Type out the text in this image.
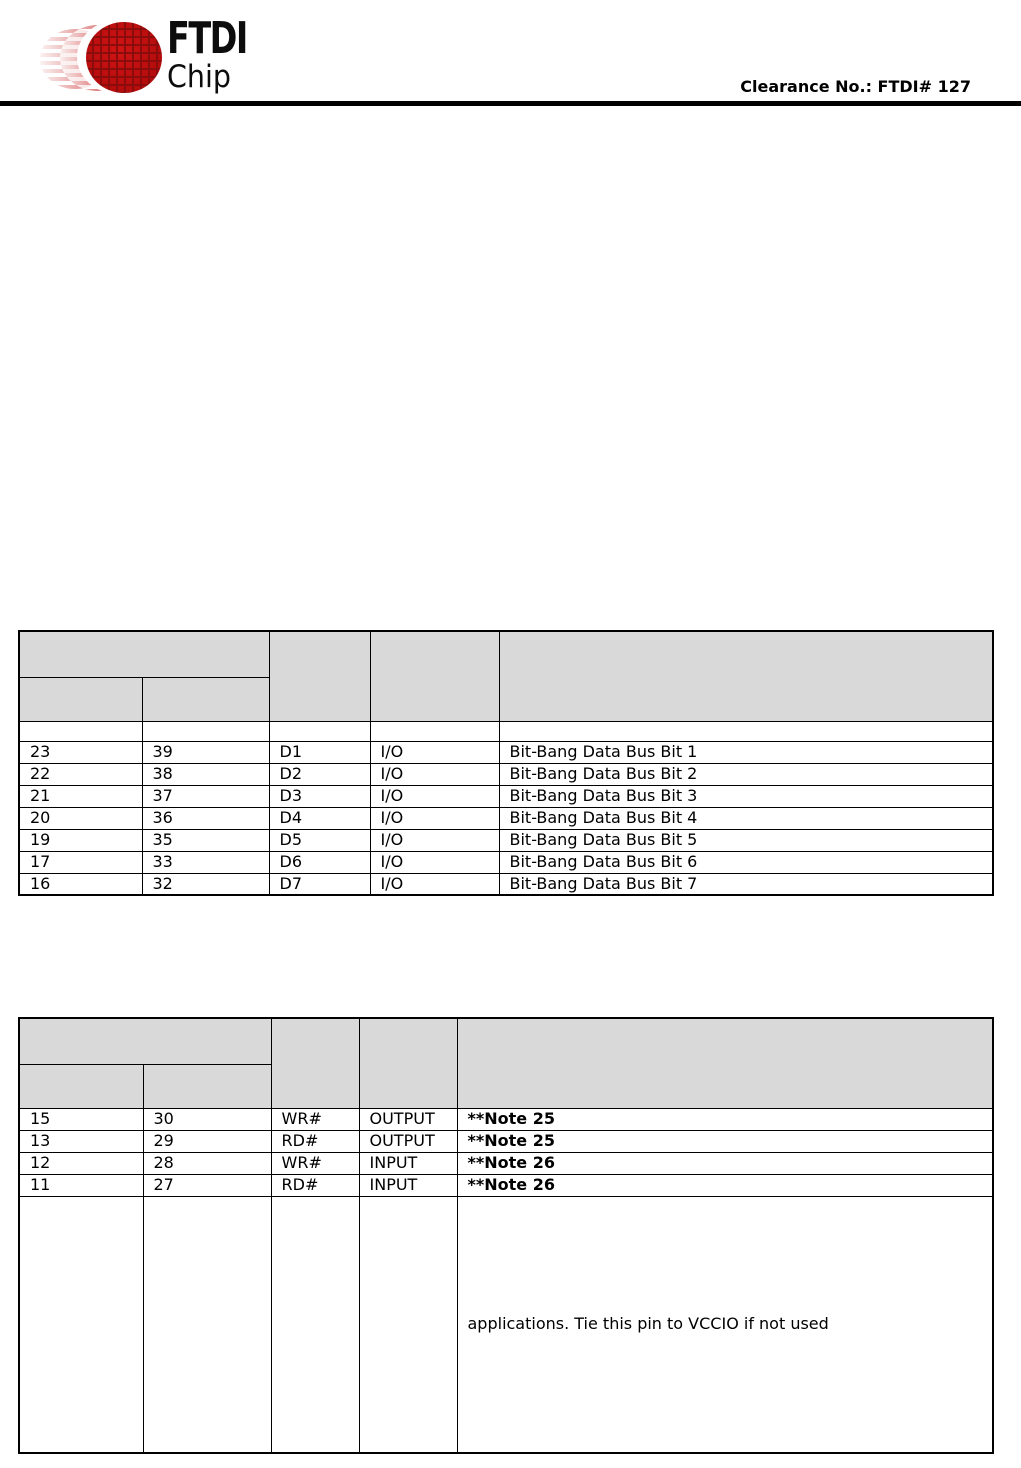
FTDI
Chip	Clearance No.: FTDI# 127

23	39	D1	I/O	Bit-Bang Data Bus Bit 1
22	38	D2	I/O	Bit-Bang Data Bus Bit 2
21	37	D3	I/O	Bit-Bang Data Bus Bit 3
20	36	D4	I/O	Bit-Bang Data Bus Bit 4
19	35	D5	I/O	Bit-Bang Data Bus Bit 5
17	33	D6	I/O	Bit-Bang Data Bus Bit 6
16	32	D7	I/O	Bit-Bang Data Bus Bit 7

15	30	WR#	OUTPUT	**Note 25
13	29	RD#	OUTPUT	**Note 25
12	28	WR#	INPUT	**Note 26
11	27	RD#	INPUT	**Note 26
				applications. Tie this pin to VCCIO if not used
